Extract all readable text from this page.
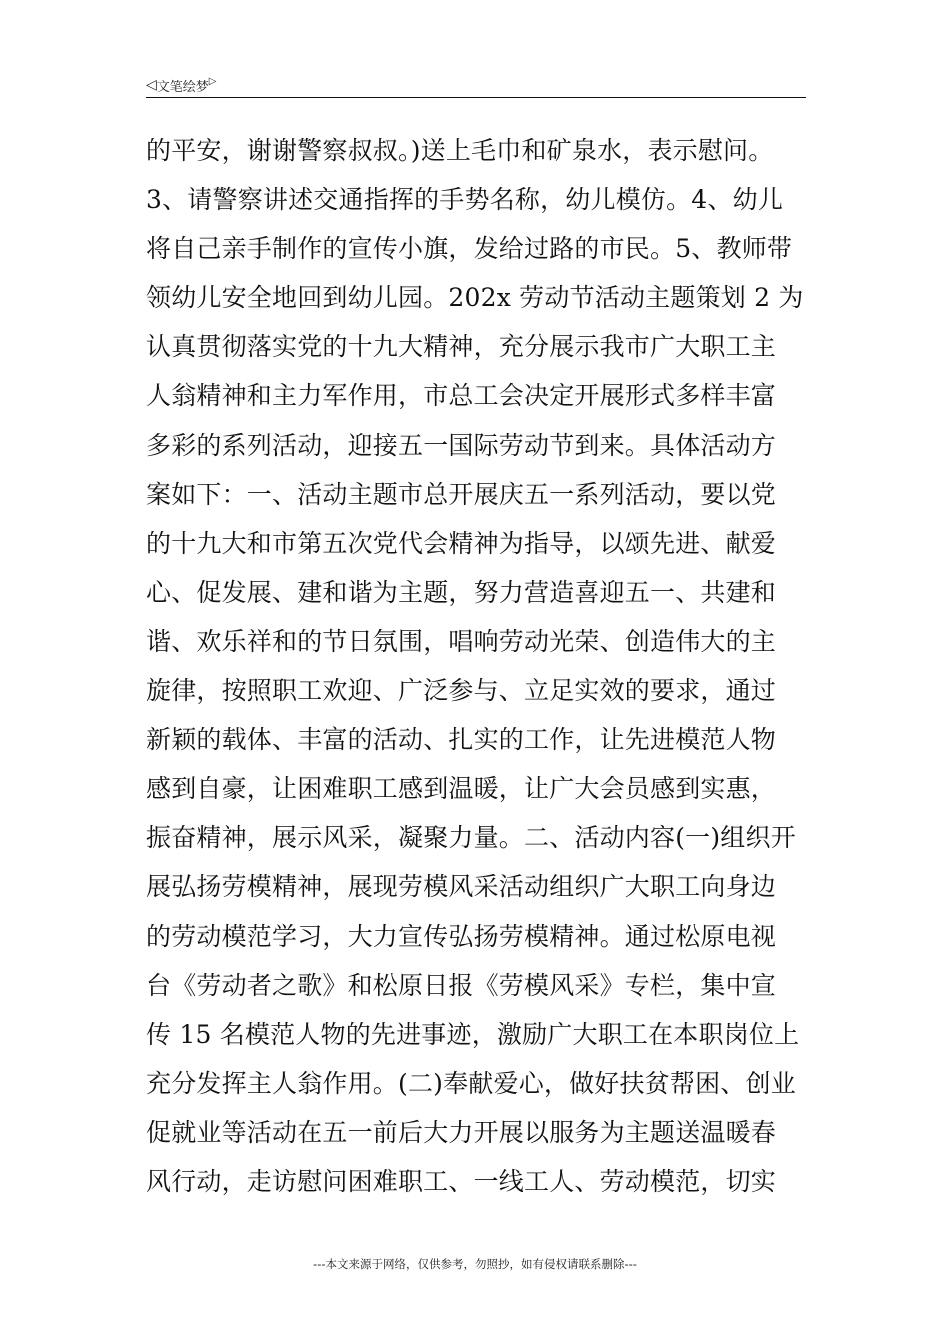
◁ 文笔绘梦 ▷
的平安，谢谢警察叔叔。)送上毛巾和矿泉水，表示慰问。
3、请警察讲述交通指挥的手势名称，幼儿模仿。4、幼儿
将自己亲手制作的宣传小旗，发给过路的市民。5、教师带
领幼儿安全地回到幼儿园。202x 劳动节活动主题策划 2 为
认真贯彻落实党的十九大精神，充分展示我市广大职工主
人翁精神和主力军作用，市总工会决定开展形式多样丰富
多彩的系列活动，迎接五一国际劳动节到来。具体活动方
案如下：一、活动主题市总开展庆五一系列活动，要以党
的十九大和市第五次党代会精神为指导，以颂先进、献爱
心、促发展、建和谐为主题，努力营造喜迎五一、共建和
谐、欢乐祥和的节日氛围，唱响劳动光荣、创造伟大的主
旋律，按照职工欢迎、广泛参与、立足实效的要求，通过
新颖的载体、丰富的活动、扎实的工作，让先进模范人物
感到自豪，让困难职工感到温暖，让广大会员感到实惠，
振奋精神，展示风采，凝聚力量。二、活动内容(一)组织开
展弘扬劳模精神，展现劳模风采活动组织广大职工向身边
的劳动模范学习，大力宣传弘扬劳模精神。通过松原电视
台《劳动者之歌》和松原日报《劳模风采》专栏，集中宣
传 15 名模范人物的先进事迹，激励广大职工在本职岗位上
充分发挥主人翁作用。(二)奉献爱心，做好扶贫帮困、创业
促就业等活动在五一前后大力开展以服务为主题送温暖春
风行动，走访慰问困难职工、一线工人、劳动模范，切实
---本文来源于网络，仅供参考，勿照抄，如有侵权请联系删除---
